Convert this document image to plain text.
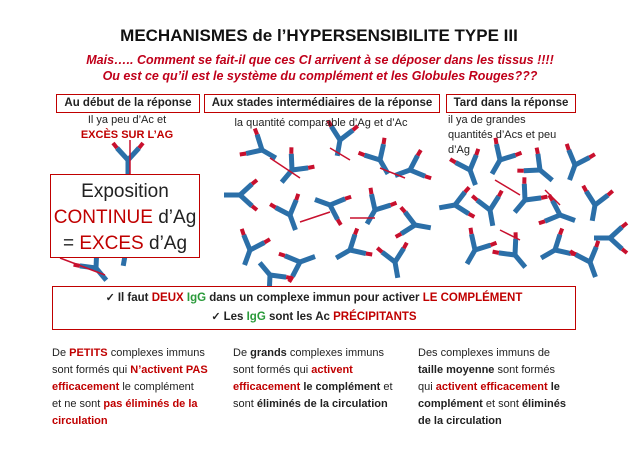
MECHANISMES de l’HYPERSENSIBILITE TYPE III
Mais….. Comment se fait-il que ces CI arrivent à se déposer dans les tissus !!!!
Ou est ce qu’il est le système du complément et les Globules Rouges???
Au début de la réponse	Aux stades intermédiaires de la réponse	Tard dans la réponse
Il ya peu d’Ac et
EXCÈS SUR L’AG
la quantité comparable d’Ag et d’Ac	il ya de grandes
quantités d’Acs et peu
d’Ag
Exposition
CONTINUE d’Ag
= EXCES d’Ag
✓ Il faut DEUX IgG dans un complexe immun pour activer LE COMPLÉMENT
✓ Les IgG sont les Ac PRÉCIPITANTS
De PETITS complexes immuns
sont formés qui N’activent PAS
efficacement le complément
et ne sont pas éliminés de la
circulation
De grands complexes immuns
sont formés qui activent
efficacement le complément et
sont éliminés de la circulation
Des complexes immuns de
taille moyenne sont formés
qui activent efficacement le
complément et sont éliminés
de la circulation
